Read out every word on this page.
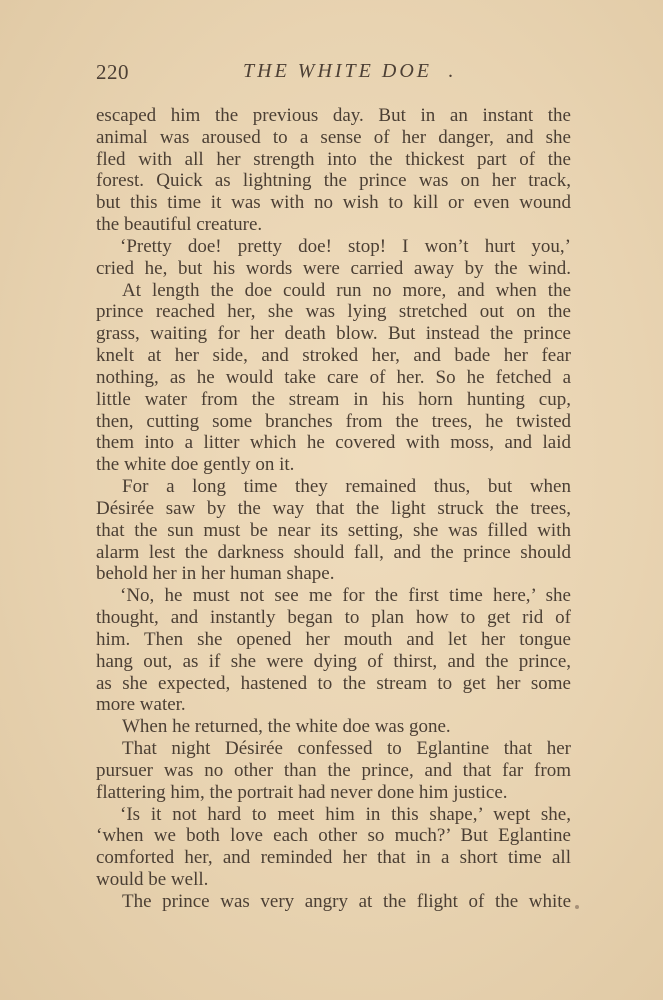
220	THE WHITE DOE .
escaped him the previous day. But in an instant the
animal was aroused to a sense of her danger, and she
fled with all her strength into the thickest part of the
forest. Quick as lightning the prince was on her track,
but this time it was with no wish to kill or even wound
the beautiful creature.
‘Pretty doe! pretty doe! stop! I won’t hurt you,’
cried he, but his words were carried away by the wind.
At length the doe could run no more, and when the
prince reached her, she was lying stretched out on the
grass, waiting for her death blow. But instead the prince
knelt at her side, and stroked her, and bade her fear
nothing, as he would take care of her. So he fetched a
little water from the stream in his horn hunting cup,
then, cutting some branches from the trees, he twisted
them into a litter which he covered with moss, and laid
the white doe gently on it.
For a long time they remained thus, but when
Désirée saw by the way that the light struck the trees,
that the sun must be near its setting, she was filled with
alarm lest the darkness should fall, and the prince should
behold her in her human shape.
‘No, he must not see me for the first time here,’ she
thought, and instantly began to plan how to get rid of
him. Then she opened her mouth and let her tongue
hang out, as if she were dying of thirst, and the prince,
as she expected, hastened to the stream to get her some
more water.
When he returned, the white doe was gone.
That night Désirée confessed to Eglantine that her
pursuer was no other than the prince, and that far from
flattering him, the portrait had never done him justice.
‘Is it not hard to meet him in this shape,’ wept she,
‘when we both love each other so much?’ But Eglantine
comforted her, and reminded her that in a short time all
would be well.
The prince was very angry at the flight of the white
